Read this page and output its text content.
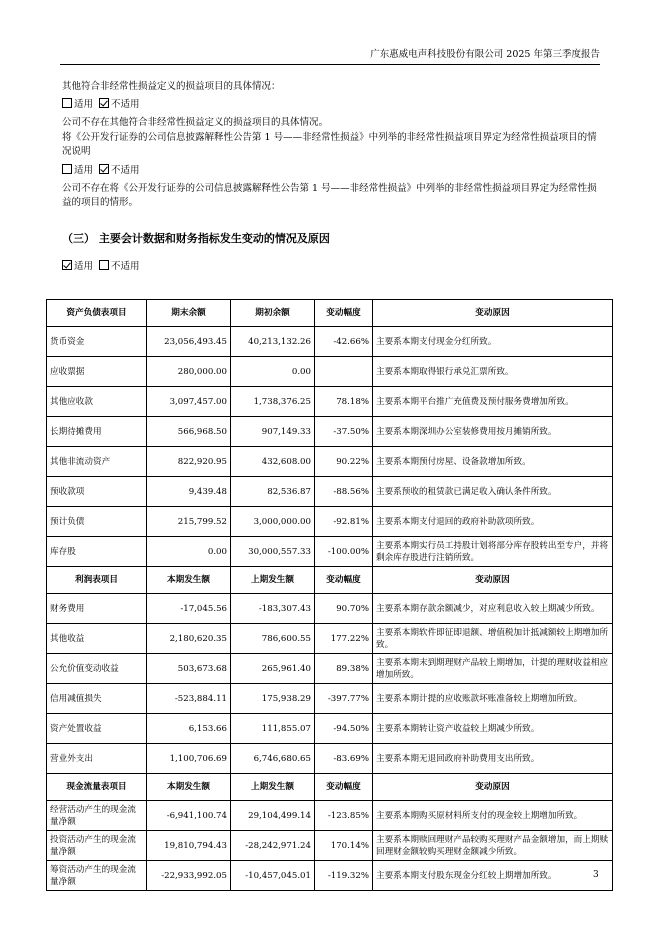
广东惠威电声科技股份有限公司 2025 年第三季度报告
其他符合非经常性损益定义的损益项目的具体情况：
适用 不适用
公司不存在其他符合非经常性损益定义的损益项目的具体情况。
将《公开发行证券的公司信息披露解释性公告第 1 号——非经常性损益》中列举的非经常性损益项目界定为经常性损益项目的情况说明
适用 不适用
公司不存在将《公开发行证券的公司信息披露解释性公告第 1 号——非经常性损益》中列举的非经常性损益项目界定为经常性损益的项目的情形。
（三） 主要会计数据和财务指标发生变动的情况及原因
适用 不适用
资产负债表项目	期末余额	期初余额	变动幅度	变动原因
货币资金	23,056,493.45	40,213,132.26	-42.66%	主要系本期支付现金分红所致。
应收票据	280,000.00	0.00		主要系本期取得银行承兑汇票所致。
其他应收款	3,097,457.00	1,738,376.25	78.18%	主要系本期平台推广充值费及预付服务费增加所致。
长期待摊费用	566,968.50	907,149.33	-37.50%	主要系本期深圳办公室装修费用按月摊销所致。
其他非流动资产	822,920.95	432,608.00	90.22%	主要系本期预付房屋、设备款增加所致。
预收款项	9,439.48	82,536.87	-88.56%	主要系预收的租赁款已满足收入确认条件所致。
预计负债	215,799.52	3,000,000.00	-92.81%	主要系本期支付退回的政府补助款项所致。
库存股	0.00	30,000,557.33	-100.00%	主要系本期实行员工持股计划将部分库存股转出至专户，并将剩余库存股进行注销所致。
利润表项目	本期发生额	上期发生额	变动幅度	变动原因
财务费用	-17,045.56	-183,307.43	90.70%	主要系本期存款余额减少，对应利息收入较上期减少所致。
其他收益	2,180,620.35	786,600.55	177.22%	主要系本期软件即征即退额、增值税加计抵减额较上期增加所致。
公允价值变动收益	503,673.68	265,961.40	89.38%	主要系本期末到期理财产品较上期增加，计提的理财收益相应增加所致。
信用减值损失	-523,884.11	175,938.29	-397.77%	主要系本期计提的应收账款坏账准备较上期增加所致。
资产处置收益	6,153.66	111,855.07	-94.50%	主要系本期转让资产收益较上期减少所致。
营业外支出	1,100,706.69	6,746,680.65	-83.69%	主要系本期无退回政府补助费用支出所致。
现金流量表项目	本期发生额	上期发生额	变动幅度	变动原因
经营活动产生的现金流量净额	-6,941,100.74	29,104,499.14	-123.85%	主要系本期购买原材料所支付的现金较上期增加所致。
投资活动产生的现金流量净额	19,810,794.43	-28,242,971.24	170.14%	主要系本期赎回理财产品较购买理财产品金额增加，而上期赎回理财金额较购买理财金额减少所致。
筹资活动产生的现金流量净额	-22,933,992.05	-10,457,045.01	-119.32%	主要系本期支付股东现金分红较上期增加所致。	3
